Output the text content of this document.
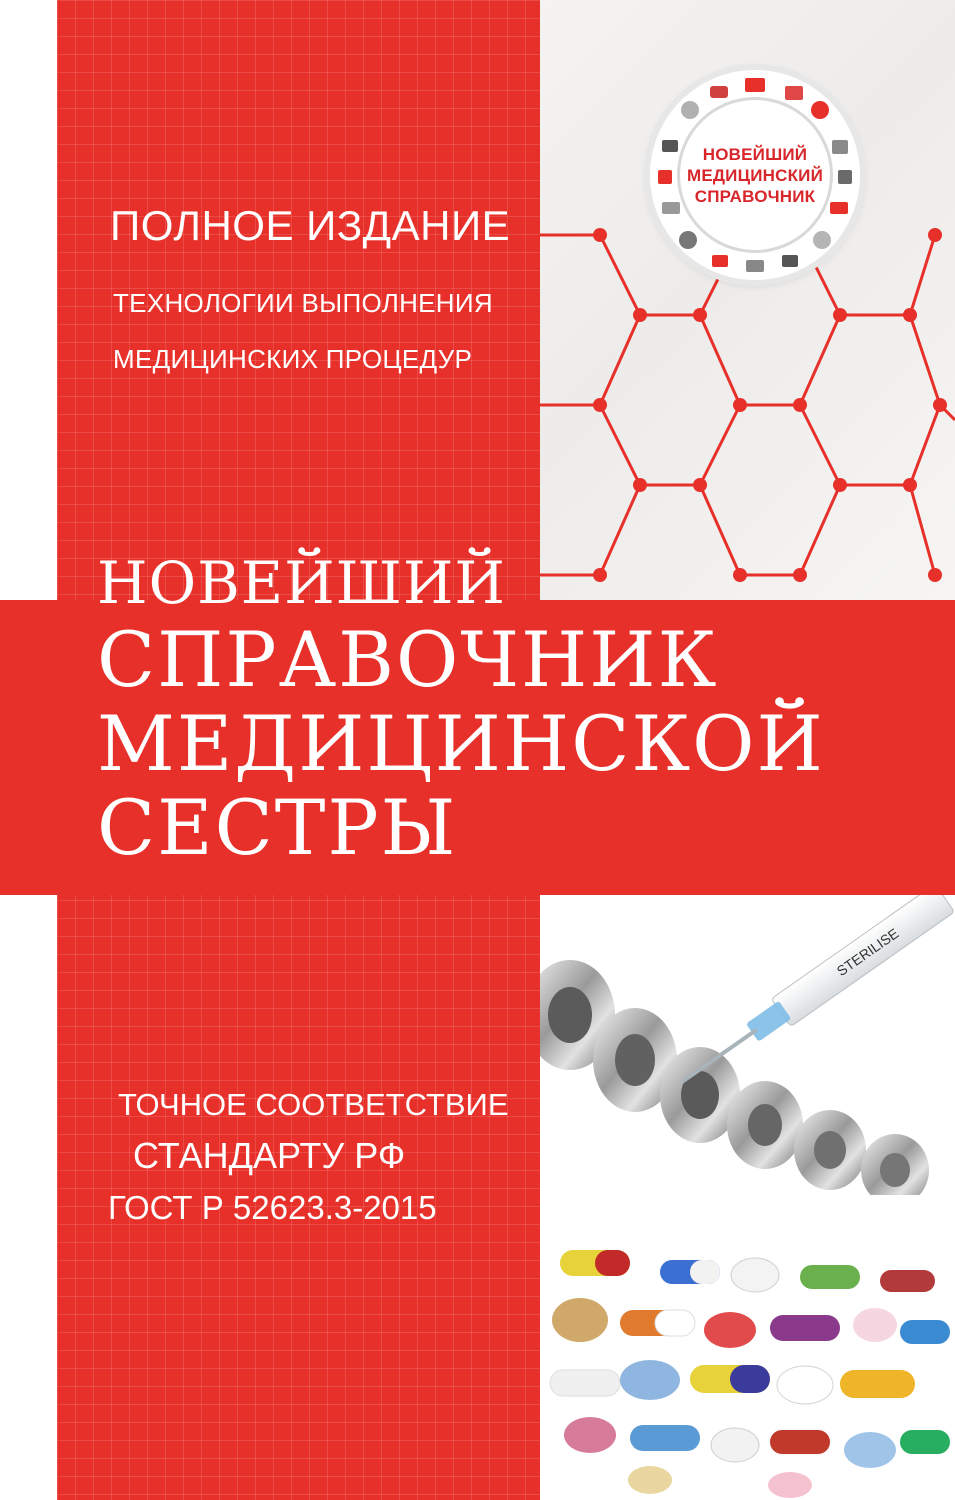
НОВЕЙШИЙ
МЕДИЦИНСКИЙ
СПРАВОЧНИК
ПОЛНОЕ ИЗДАНИЕ
ТЕХНОЛОГИИ ВЫПОЛНЕНИЯ
МЕДИЦИНСКИХ ПРОЦЕДУР
НОВЕЙШИЙ
СПРАВОЧНИК
МЕДИЦИНСКОЙ
СЕСТРЫ
STERILISE
ТОЧНОЕ СООТВЕТСТВИЕ
СТАНДАРТУ РФ
ГОСТ Р 52623.3-2015
